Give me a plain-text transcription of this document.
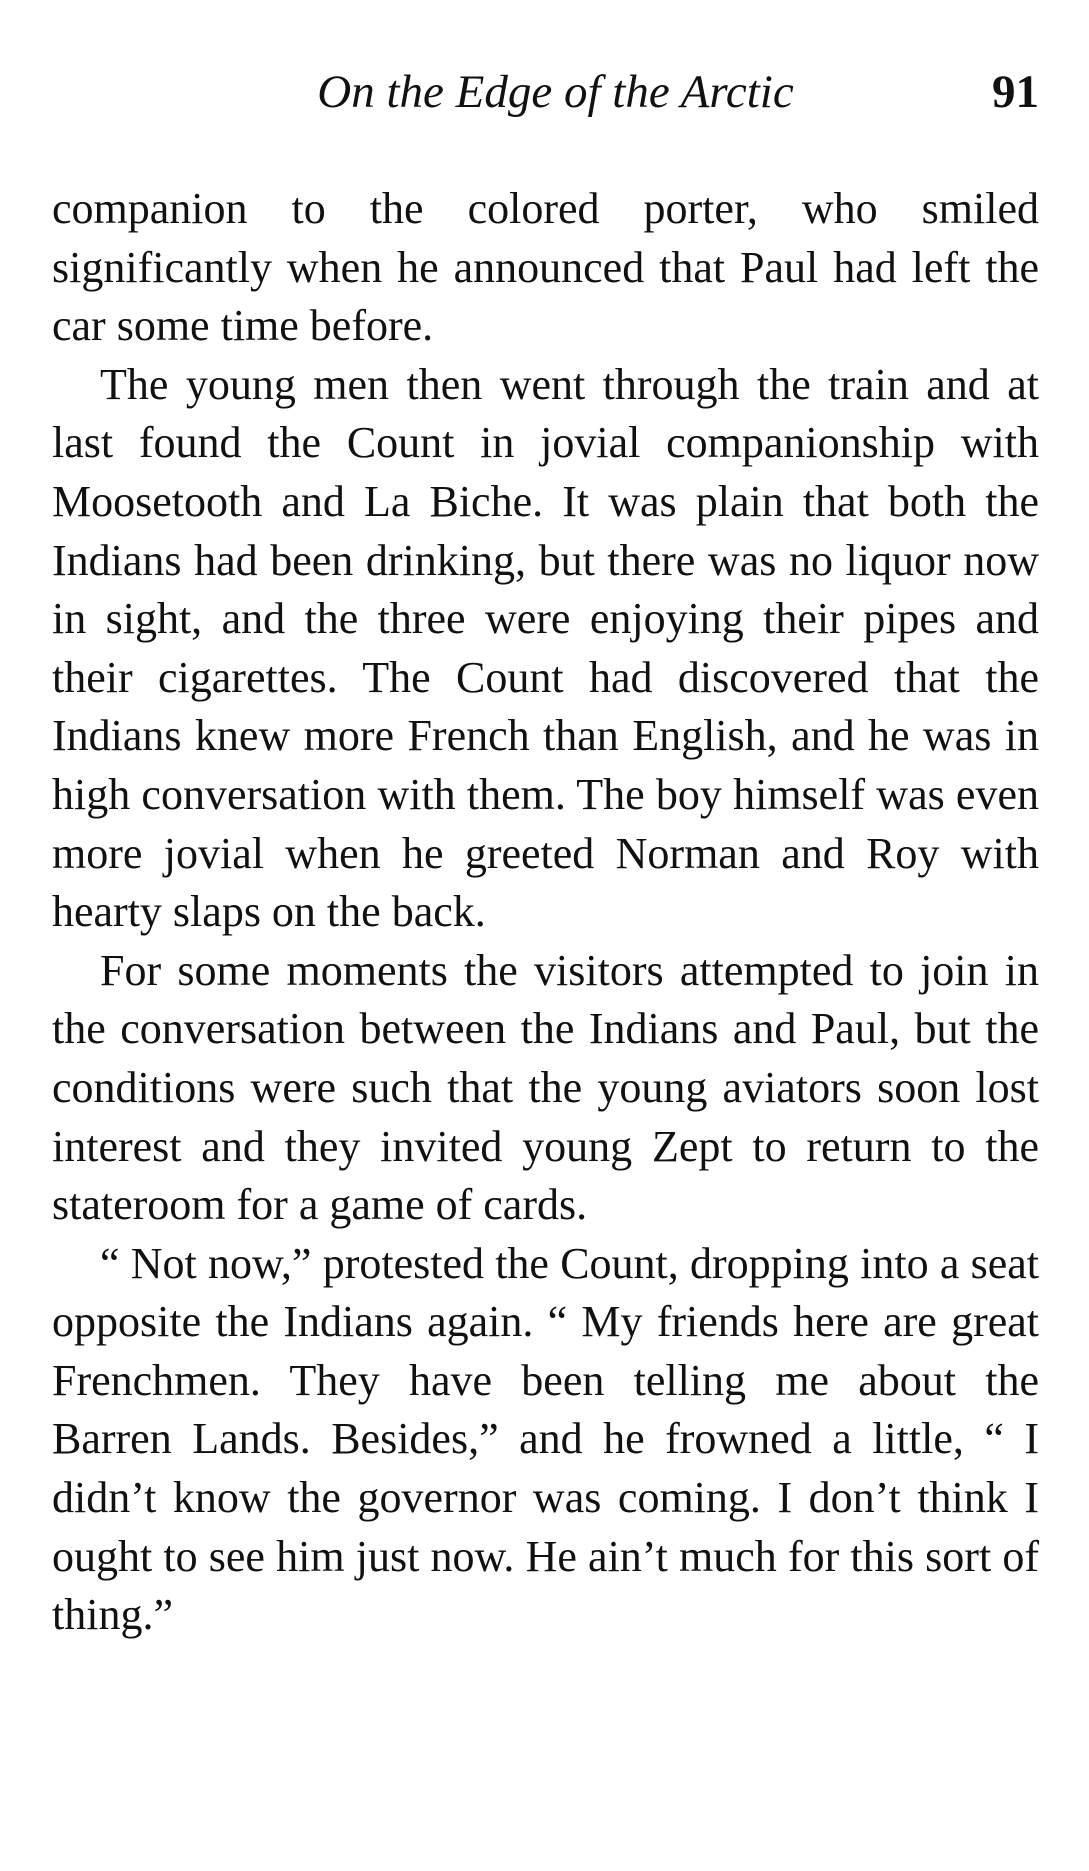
On the Edge of the Arctic	91

companion to the colored porter, who smiled significantly when he announced that Paul had left the car some time before.

The young men then went through the train and at last found the Count in jovial companionship with Moosetooth and La Biche. It was plain that both the Indians had been drinking, but there was no liquor now in sight, and the three were enjoying their pipes and their cigarettes. The Count had discovered that the Indians knew more French than English, and he was in high conversation with them. The boy himself was even more jovial when he greeted Norman and Roy with hearty slaps on the back.

For some moments the visitors attempted to join in the conversation between the Indians and Paul, but the conditions were such that the young aviators soon lost interest and they invited young Zept to return to the stateroom for a game of cards.

“ Not now,” protested the Count, dropping into a seat opposite the Indians again. “ My friends here are great Frenchmen. They have been telling me about the Barren Lands. Besides,” and he frowned a little, “ I didn’t know the governor was coming. I don’t think I ought to see him just now. He ain’t much for this sort of thing.”
